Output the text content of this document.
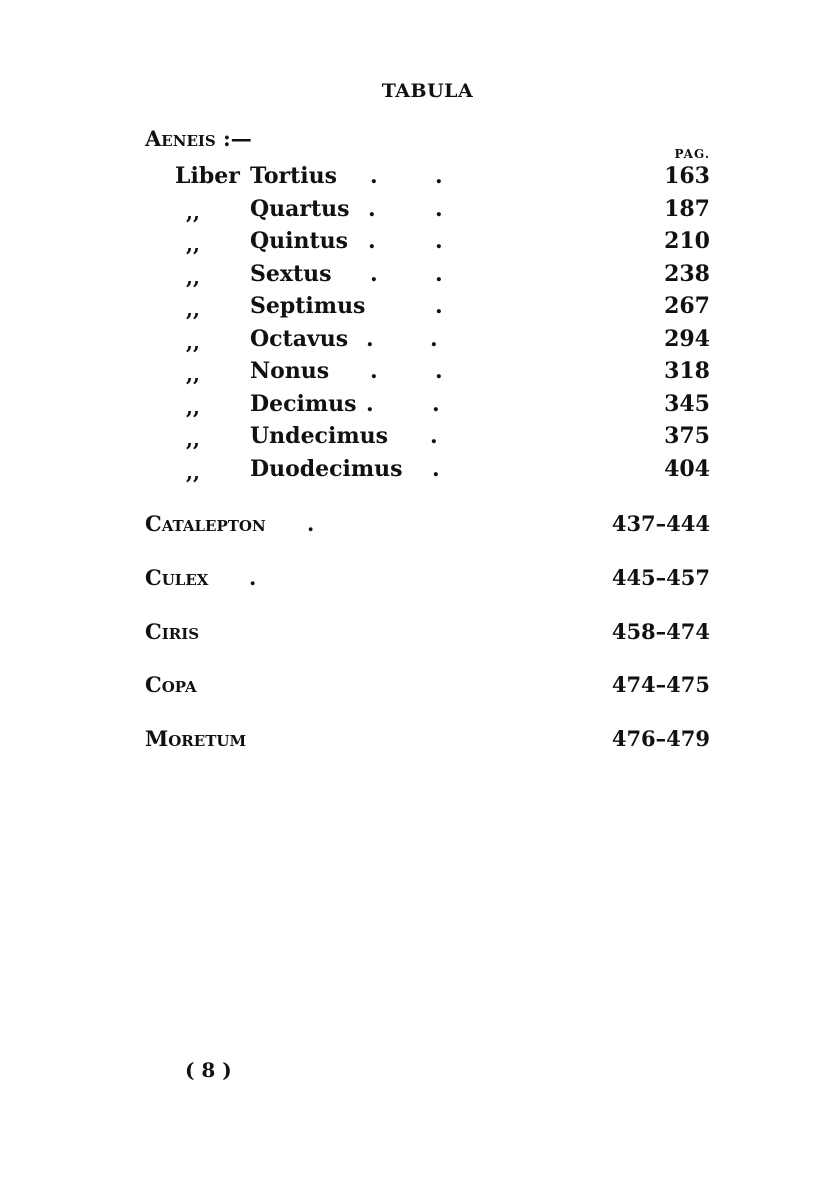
TABULA
Aeneis :—
PAG.
Liber Tortius .	.	163
,, Quartus .	.	187
,, Quintus .	.	210
,, Sextus .	.	238
,, Septimus	.	267
,, Octavus .	.	294
,, Nonus .	.	318
,, Decimus .	.	345
,, Undecimus .	375
,, Duodecimus .	404
Catalepton .	437–444
Culex .	445–457
Ciris	458–474
Copa	474–475
Moretum	476–479
( 8 )
